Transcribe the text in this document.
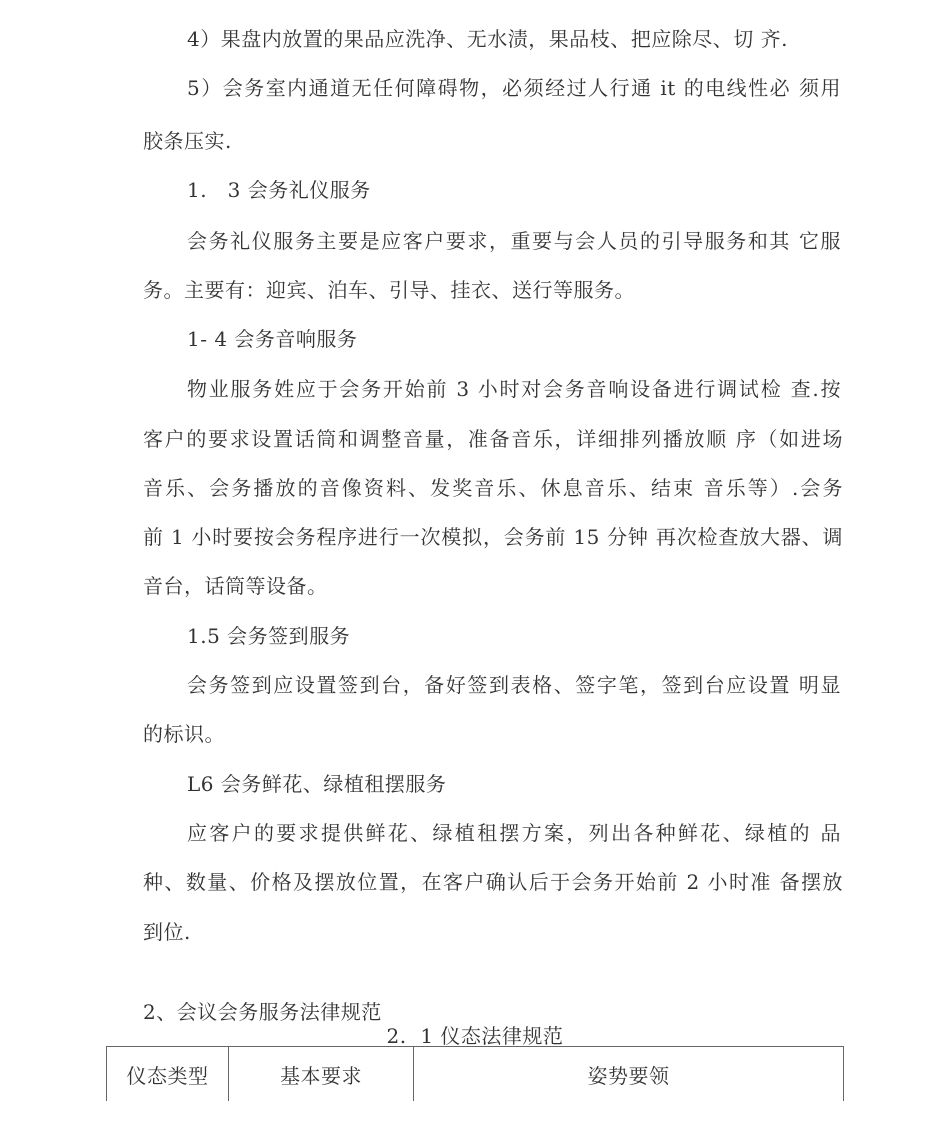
4）果盘内放置的果品应洗净、无水渍，果品枝、把应除尽、切 齐.
5）会务室内通道无任何障碍物，必须经过人行通 it 的电线性必 须用
胶条压实.
1.   3 会务礼仪服务
会务礼仪服务主要是应客户要求，重要与会人员的引导服务和其 它服
务。主要有：迎宾、泊车、引导、挂衣、送行等服务。
1- 4 会务音响服务
物业服务姓应于会务开始前 3 小时对会务音响设备进行调试检 查.按
客户的要求设置话筒和调整音量，准备音乐，详细排列播放顺 序（如进场
音乐、会务播放的音像资料、发奖音乐、休息音乐、结束 音乐等）.会务
前 1 小时要按会务程序进行一次模拟，会务前 15 分钟 再次检查放大器、调
音台，话筒等设备。
1.5 会务签到服务
会务签到应设置签到台，备好签到表格、签字笔，签到台应设置 明显
的标识。
L6 会务鲜花、绿植租摆服务
应客户的要求提供鲜花、绿植租摆方案，列出各种鲜花、绿植的 品
种、数量、价格及摆放位置，在客户确认后于会务开始前 2 小时准 备摆放
到位.
2、会议会务服务法律规范
2.  1 仪态法律规范
仪态类型	基本要求	姿势要领
